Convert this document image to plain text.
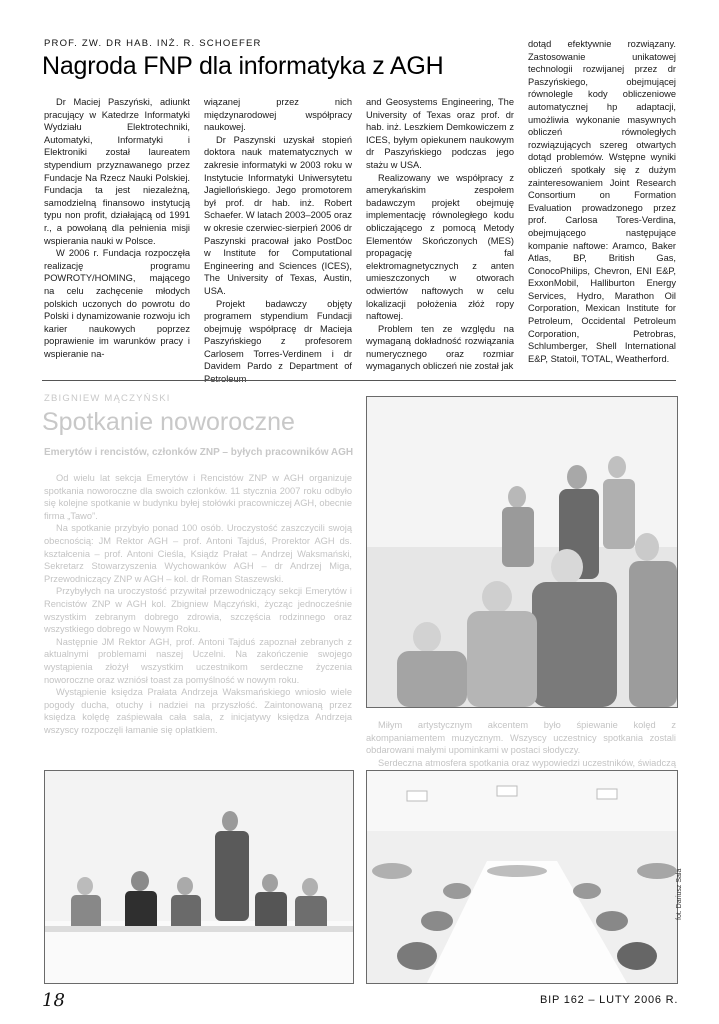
PROF. ZW. DR HAB. INŻ. R. SCHOEFER
Nagroda FNP dla informatyka z AGH

Dr Maciej Paszyński, adiunkt pracujący w Katedrze Informatyki Wydziału Elektrotechniki, Automatyki, Informatyki i Elektroniki został laureatem stypendium przyznawanego przez Fundacje Na Rzecz Nauki Polskiej. Fundacja ta jest niezależną, samodzielną finansowo instytucją typu non profit, działającą od 1991 r., a powołaną dla pełnienia misji wspierania nauki w Polsce.

W 2006 r. Fundacja rozpoczęła realizację programu POWROTY/HOMING, mającego na celu zachęcenie młodych polskich uczonych do powrotu do Polski i dynamizowanie rozwoju ich karier naukowych poprzez poprawienie im warunków pracy i wspieranie na-

wiązanej przez nich międzynarodowej współpracy naukowej.

Dr Paszynski uzyskał stopień doktora nauk matematycznych w zakresie informatyki w 2003 roku w Instytucie Informatyki Uniwersytetu Jagiellońskiego. Jego promotorem był prof. dr hab. inż. Robert Schaefer. W latach 2003–2005 oraz w okresie czerwiec-sierpień 2006 dr Paszynski pracował jako PostDoc w Institute for Computational Engineering and Sciences (ICES), The University of Texas, Austin, USA.

Projekt badawczy objęty programem stypendium Fundacji obejmuję współpracę dr Macieja Paszyńskiego z profesorem Carlosem Torres-Verdinem i dr Davidem Pardo z Department of Petroleum

and Geosystems Engineering, The University of Texas oraz prof. dr hab. inż. Leszkiem Demkowiczem z ICES, byłym opiekunem naukowym dr Paszyńskiego podczas jego stażu w USA.

Realizowany we współpracy z amerykańskim zespołem badawczym projekt obejmuję implementację równoległego kodu obliczającego z pomocą Metody Elementów Skończonych (MES) propagację fal elektromagnetycznych z anten umieszczonych w otworach odwiertów naftowych w celu lokalizacji położenia złóż ropy naftowej.

Problem ten ze względu na wymaganą dokładność rozwiązania numerycznego oraz rozmiar wymaganych obliczeń nie został jak

dotąd efektywnie rozwiązany. Zastosowanie unikatowej technologii rozwijanej przez dr Paszyńskiego, obejmującej równolegle kody obliczeniowe automatycznej hp adaptacji, umożliwia wykonanie masywnych obliczeń równoległych rozwiązujących szereg otwartych dotąd problemów. Wstępne wyniki obliczeń spotkały się z dużym zainteresowaniem Joint Research Consortium on Formation Evaluation prowadzonego przez prof. Carlosa Tores-Verdina, obejmującego następujące kompanie naftowe: Aramco, Baker Atlas, BP, British Gas, ConocoPhilips, Chevron, ENI E&P, ExxonMobil, Halliburton Energy Services, Hydro, Marathon Oil Corporation, Mexican Institute for Petroleum, Occidental Petroleum Corporation, Petrobras, Schlumberger, Shell International E&P, Statoil, TOTAL, Weatherford.

ZBIGNIEW MĄCZYŃSKI
Spotkanie noworoczne
Emerytów i rencistów, członków ZNP – byłych pracowników AGH

Od wielu lat sekcja Emerytów i Rencistów ZNP w AGH organizuje spotkania noworoczne dla swoich członków. 11 stycznia 2007 roku odbyło się kolejne spotkanie w budynku byłej stołówki pracowniczej AGH, obecnie firma „Tawo”.

Na spotkanie przybyło ponad 100 osób. Uroczystość zaszczycili swoją obecnością: JM Rektor AGH – prof. Antoni Tajduś, Prorektor AGH ds. kształcenia – prof. Antoni Cieśla, Ksiądz Prałat – Andrzej Waksmański, Sekretarz Stowarzyszenia Wychowanków AGH – dr Andrzej Miga, Przewodniczący ZNP w AGH – kol. dr Roman Staszewski.

Przybyłych na uroczystość przywitał przewodniczący sekcji Emerytów i Rencistów ZNP w AGH kol. Zbigniew Mączyński, życząc jednocześnie wszystkim zebranym dobrego zdrowia, szczęścia rodzinnego oraz wszystkiego dobrego w Nowym Roku.

Następnie JM Rektor AGH, prof. Antoni Tajduś zapoznał zebranych z aktualnymi problemami naszej Uczelni. Na zakończenie swojego wystąpienia złożył wszystkim uczestnikom serdeczne życzenia noworoczne oraz wzniósł toast za pomyślność w nowym roku.

Wystąpienie księdza Prałata Andrzeja Waksmańskiego wniosło wiele pogody ducha, otuchy i nadziei na przyszłość. Zaintonowaną przez księdza kolędę zaśpiewała cała sala, z inicjatywy księdza Andrzeja wszyscy rozpoczęli łamanie się opłatkiem.	Miłym artystycznym akcentem było śpiewanie kolęd z akompaniamentem muzycznym. Wszyscy uczestnicy spotkania zostali obdarowani małymi upominkami w postaci słodyczy.

Serdeczna atmosfera spotkania oraz wypowiedzi uczestników, świadczą

fot. Dariusz Sala
18	BIP 162 – LUTY 2006 R.
